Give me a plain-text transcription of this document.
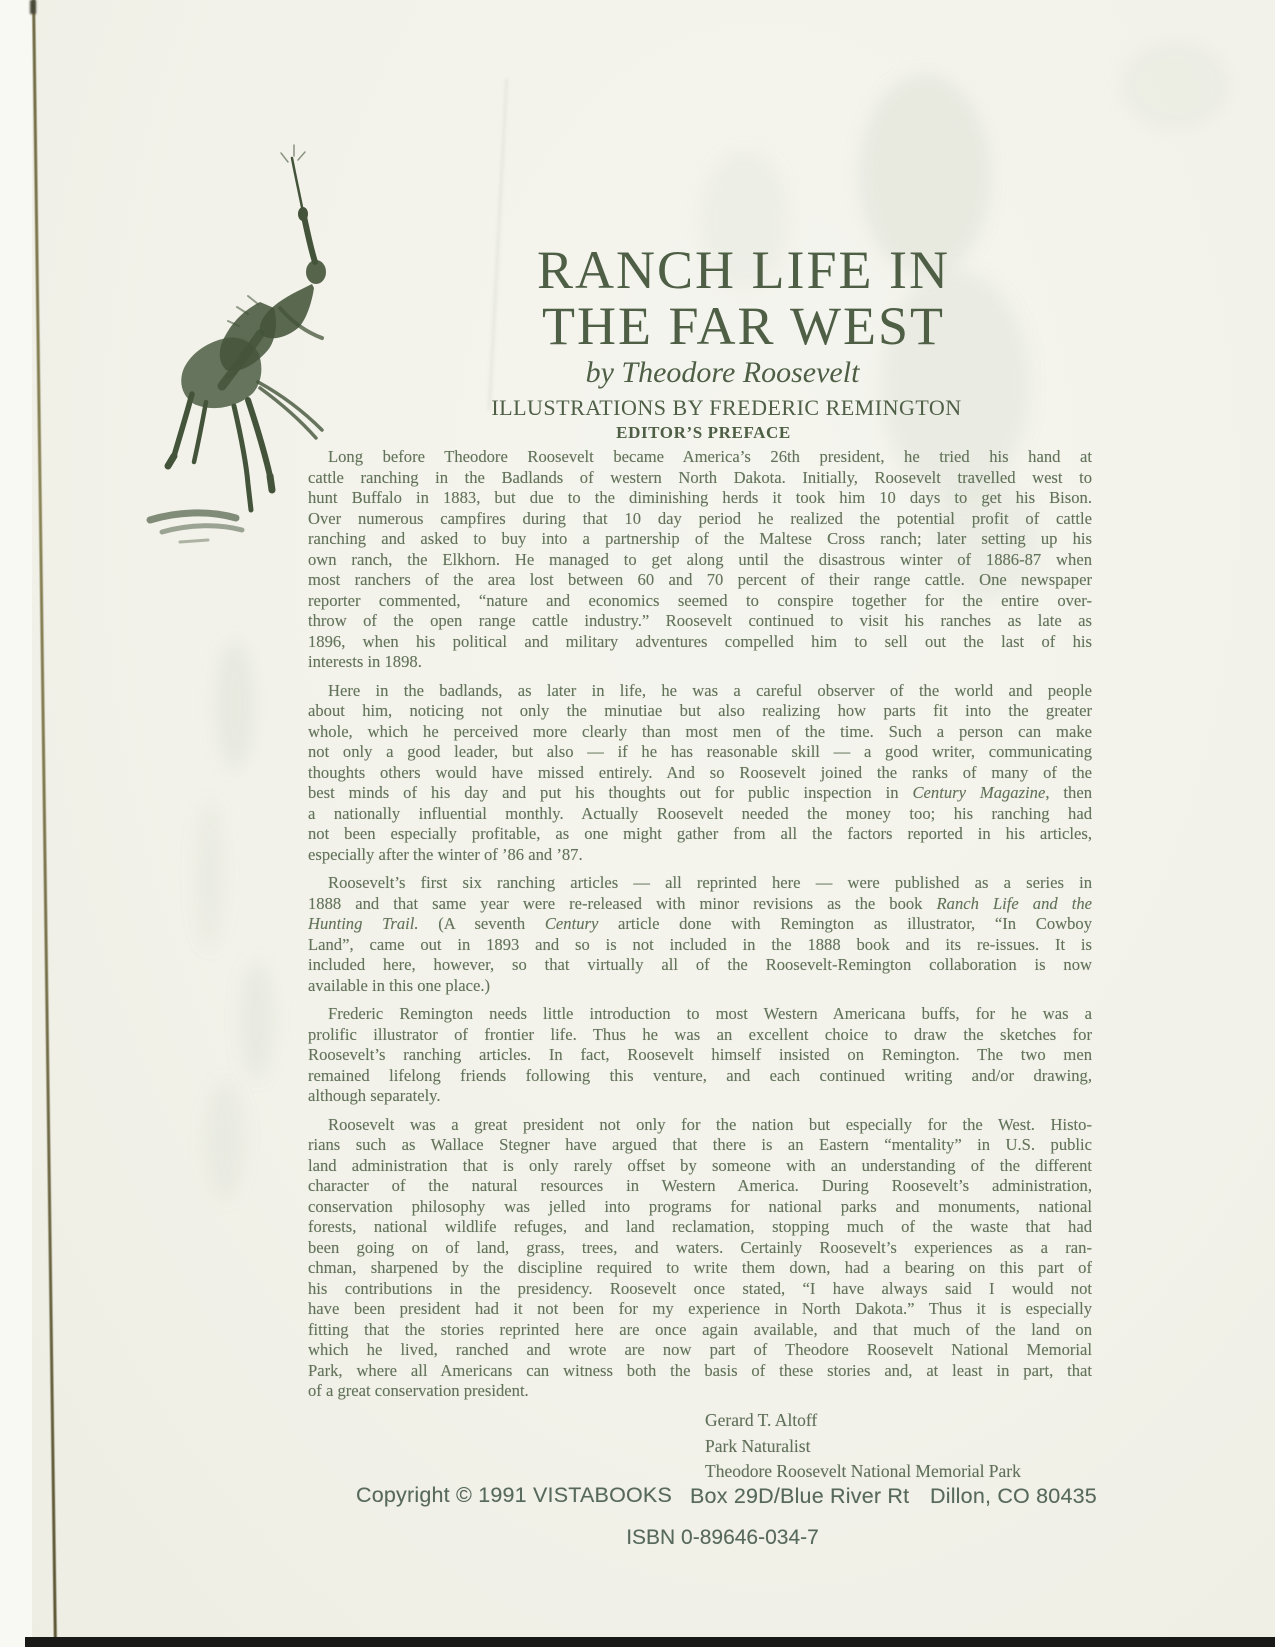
RANCH LIFE IN
THE FAR WEST
by Theodore Roosevelt
ILLUSTRATIONS BY FREDERIC REMINGTON
EDITOR’S PREFACE
Long before Theodore Roosevelt became America’s 26th president, he tried his hand at
cattle ranching in the Badlands of western North Dakota. Initially, Roosevelt travelled west to
hunt Buffalo in 1883, but due to the diminishing herds it took him 10 days to get his Bison.
Over numerous campfires during that 10 day period he realized the potential profit of cattle
ranching and asked to buy into a partnership of the Maltese Cross ranch; later setting up his
own ranch, the Elkhorn. He managed to get along until the disastrous winter of 1886-87 when
most ranchers of the area lost between 60 and 70 percent of their range cattle. One newspaper
reporter commented, “nature and economics seemed to conspire together for the entire over-
throw of the open range cattle industry.” Roosevelt continued to visit his ranches as late as
1896, when his political and military adventures compelled him to sell out the last of his
interests in 1898.
Here in the badlands, as later in life, he was a careful observer of the world and people
about him, noticing not only the minutiae but also realizing how parts fit into the greater
whole, which he perceived more clearly than most men of the time. Such a person can make
not only a good leader, but also — if he has reasonable skill — a good writer, communicating
thoughts others would have missed entirely. And so Roosevelt joined the ranks of many of the
best minds of his day and put his thoughts out for public inspection in Century Magazine, then
a nationally influential monthly. Actually Roosevelt needed the money too; his ranching had
not been especially profitable, as one might gather from all the factors reported in his articles,
especially after the winter of ’86 and ’87.
Roosevelt’s first six ranching articles — all reprinted here — were published as a series in
1888 and that same year were re-released with minor revisions as the book Ranch Life and the
Hunting Trail. (A seventh Century article done with Remington as illustrator, “In Cowboy
Land”, came out in 1893 and so is not included in the 1888 book and its re-issues. It is
included here, however, so that virtually all of the Roosevelt-Remington collaboration is now
available in this one place.)
Frederic Remington needs little introduction to most Western Americana buffs, for he was a
prolific illustrator of frontier life. Thus he was an excellent choice to draw the sketches for
Roosevelt’s ranching articles. In fact, Roosevelt himself insisted on Remington. The two men
remained lifelong friends following this venture, and each continued writing and/or drawing,
although separately.
Roosevelt was a great president not only for the nation but especially for the West. Histo-
rians such as Wallace Stegner have argued that there is an Eastern “mentality” in U.S. public
land administration that is only rarely offset by someone with an understanding of the different
character of the natural resources in Western America. During Roosevelt’s administration,
conservation philosophy was jelled into programs for national parks and monuments, national
forests, national wildlife refuges, and land reclamation, stopping much of the waste that had
been going on of land, grass, trees, and waters. Certainly Roosevelt’s experiences as a ran-
chman, sharpened by the discipline required to write them down, had a bearing on this part of
his contributions in the presidency. Roosevelt once stated, “I have always said I would not
have been president had it not been for my experience in North Dakota.” Thus it is especially
fitting that the stories reprinted here are once again available, and that much of the land on
which he lived, ranched and wrote are now part of Theodore Roosevelt National Memorial
Park, where all Americans can witness both the basis of these stories and, at least in part, that
of a great conservation president.
Gerard T. Altoff
Park Naturalist
Theodore Roosevelt National Memorial Park
Copyright © 1991 VISTABOOKS Box 29D/Blue River Rt Dillon, CO 80435
ISBN 0-89646-034-7
